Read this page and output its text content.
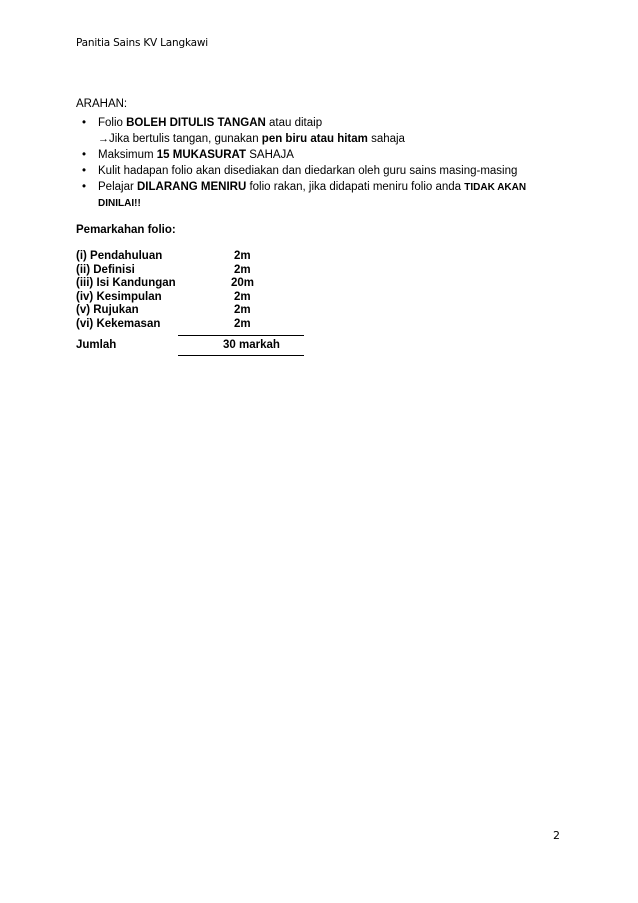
Panitia Sains KV Langkawi
ARAHAN:
• Folio BOLEH DITULIS TANGAN atau ditaip
→Jika bertulis tangan, gunakan pen biru atau hitam sahaja
• Maksimum 15 MUKASURAT SAHAJA
• Kulit hadapan folio akan disediakan dan diedarkan oleh guru sains masing-masing
• Pelajar DILARANG MENIRU folio rakan, jika didapati meniru folio anda TIDAK AKAN
DINILAI!!
Pemarkahan folio:
(i) Pendahuluan	2m
(ii) Definisi	2m
(iii) Isi Kandungan	20m
(iv) Kesimpulan	2m
(v) Rujukan	2m
(vi) Kekemasan	2m
Jumlah	30 markah
2
